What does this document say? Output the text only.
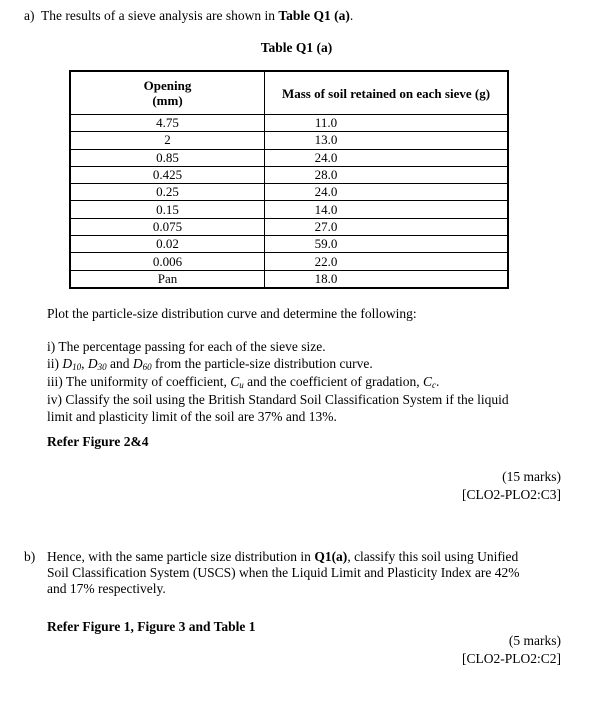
a) The results of a sieve analysis are shown in Table Q1 (a).
Table Q1 (a)
Opening
(mm)	Mass of soil retained on each sieve (g)
4.75	11.0
2	13.0
0.85	24.0
0.425	28.0
0.25	24.0
0.15	14.0
0.075	27.0
0.02	59.0
0.006	22.0
Pan	18.0
Plot the particle-size distribution curve and determine the following:
i) The percentage passing for each of the sieve size.
ii) $D_{10}$, $D_{30}$ and $D_{60}$ from the particle-size distribution curve.
iii) The uniformity of coefficient, $C_u$ and the coefficient of gradation, $C_c$.
iv) Classify the soil using the British Standard Soil Classification System if the liquid
limit and plasticity limit of the soil are 37% and 13%.
Refer Figure 2&4
(15 marks)
[CLO2-PLO2:C3]
b) Hence, with the same particle size distribution in Q1(a), classify this soil using Unified
Soil Classification System (USCS) when the Liquid Limit and Plasticity Index are 42%
and 17% respectively.
Refer Figure 1, Figure 3 and Table 1
(5 marks)
[CLO2-PLO2:C2]
